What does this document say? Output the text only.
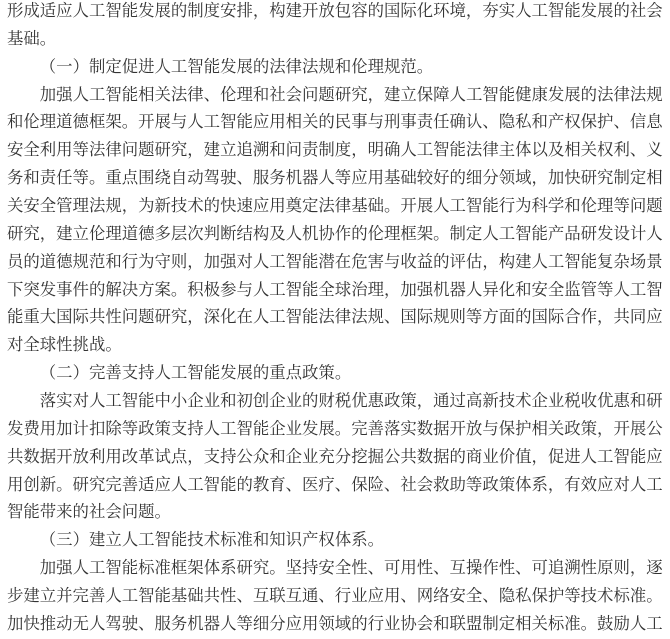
形成适应人工智能发展的制度安排，构建开放包容的国际化环境，夯实人工智能发展的社会
基础。
（一）制定促进人工智能发展的法律法规和伦理规范。
加强人工智能相关法律、伦理和社会问题研究，建立保障人工智能健康发展的法律法规
和伦理道德框架。开展与人工智能应用相关的民事与刑事责任确认、隐私和产权保护、信息
安全利用等法律问题研究，建立追溯和问责制度，明确人工智能法律主体以及相关权利、义
务和责任等。重点围绕自动驾驶、服务机器人等应用基础较好的细分领域，加快研究制定相
关安全管理法规，为新技术的快速应用奠定法律基础。开展人工智能行为科学和伦理等问题
研究，建立伦理道德多层次判断结构及人机协作的伦理框架。制定人工智能产品研发设计人
员的道德规范和行为守则，加强对人工智能潜在危害与收益的评估，构建人工智能复杂场景
下突发事件的解决方案。积极参与人工智能全球治理，加强机器人异化和安全监管等人工智
能重大国际共性问题研究，深化在人工智能法律法规、国际规则等方面的国际合作，共同应
对全球性挑战。
（二）完善支持人工智能发展的重点政策。
落实对人工智能中小企业和初创企业的财税优惠政策，通过高新技术企业税收优惠和研
发费用加计扣除等政策支持人工智能企业发展。完善落实数据开放与保护相关政策，开展公
共数据开放利用改革试点，支持公众和企业充分挖掘公共数据的商业价值，促进人工智能应
用创新。研究完善适应人工智能的教育、医疗、保险、社会救助等政策体系，有效应对人工
智能带来的社会问题。
（三）建立人工智能技术标准和知识产权体系。
加强人工智能标准框架体系研究。坚持安全性、可用性、互操作性、可追溯性原则，逐
步建立并完善人工智能基础共性、互联互通、行业应用、网络安全、隐私保护等技术标准。
加快推动无人驾驶、服务机器人等细分应用领域的行业协会和联盟制定相关标准。鼓励人工
